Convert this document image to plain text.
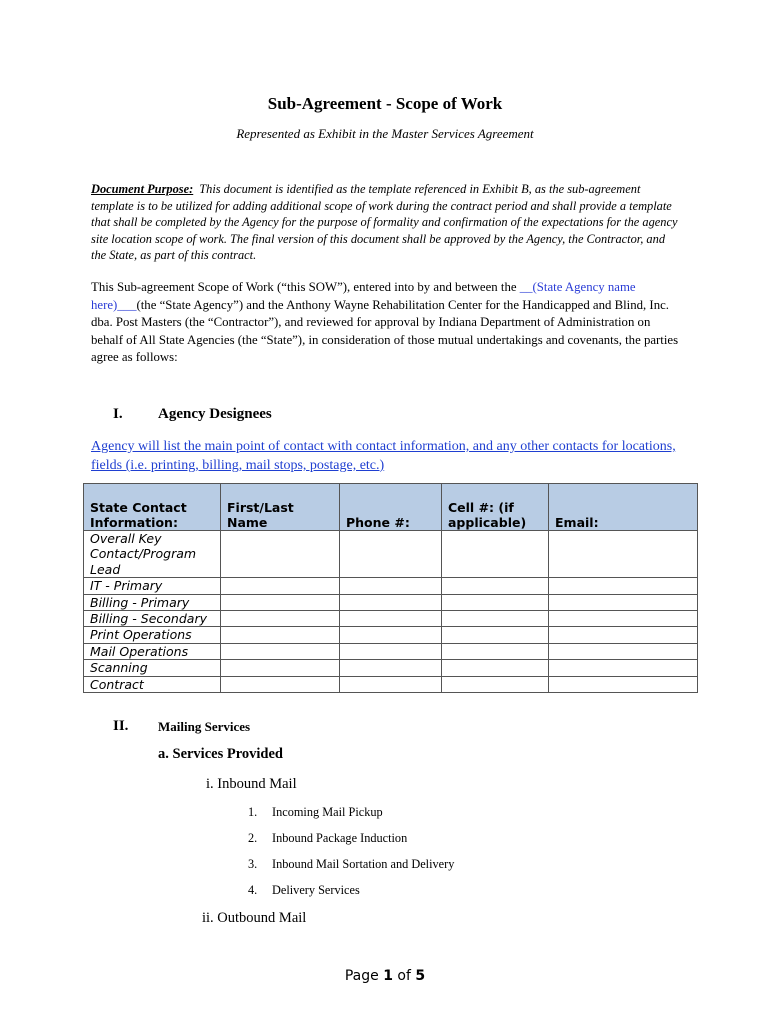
Sub-Agreement - Scope of Work
Represented as Exhibit in the Master Services Agreement
Document Purpose: This document is identified as the template referenced in Exhibit B, as the sub-agreement template is to be utilized for adding additional scope of work during the contract period and shall provide a template that shall be completed by the Agency for the purpose of formality and confirmation of the expectations for the agency site location scope of work. The final version of this document shall be approved by the Agency, the Contractor, and the State, as part of this contract.
This Sub-agreement Scope of Work (“this SOW”), entered into by and between the __(State Agency name here)___(the “State Agency”) and the Anthony Wayne Rehabilitation Center for the Handicapped and Blind, Inc. dba. Post Masters (the “Contractor”), and reviewed for approval by Indiana Department of Administration on behalf of All State Agencies (the “State”), in consideration of those mutual undertakings and covenants, the parties agree as follows:
I. Agency Designees
Agency will list the main point of contact with contact information, and any other contacts for locations, fields (i.e. printing, billing, mail stops, postage, etc.)
State Contact Information:	First/Last Name	Phone #:	Cell #: (if applicable)	Email:
Overall Key Contact/Program Lead				
IT - Primary				
Billing - Primary				
Billing - Secondary				
Print Operations				
Mail Operations				
Scanning				
Contract				
II. Mailing Services
a. Services Provided
i. Inbound Mail
1. Incoming Mail Pickup
2. Inbound Package Induction
3. Inbound Mail Sortation and Delivery
4. Delivery Services
ii. Outbound Mail
Page 1 of 5
